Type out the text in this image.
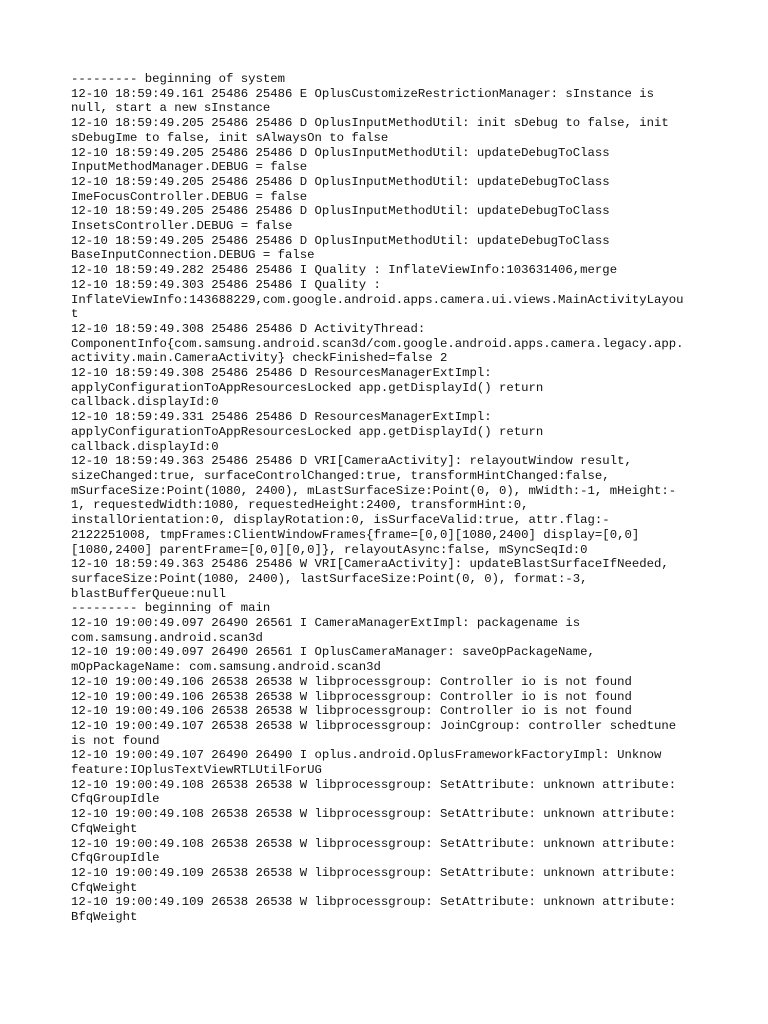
--------- beginning of system
12-10 18:59:49.161 25486 25486 E OplusCustomizeRestrictionManager: sInstance is
null, start a new sInstance
12-10 18:59:49.205 25486 25486 D OplusInputMethodUtil: init sDebug to false, init
sDebugIme to false, init sAlwaysOn to false
12-10 18:59:49.205 25486 25486 D OplusInputMethodUtil: updateDebugToClass
InputMethodManager.DEBUG = false
12-10 18:59:49.205 25486 25486 D OplusInputMethodUtil: updateDebugToClass
ImeFocusController.DEBUG = false
12-10 18:59:49.205 25486 25486 D OplusInputMethodUtil: updateDebugToClass
InsetsController.DEBUG = false
12-10 18:59:49.205 25486 25486 D OplusInputMethodUtil: updateDebugToClass
BaseInputConnection.DEBUG = false
12-10 18:59:49.282 25486 25486 I Quality : InflateViewInfo:103631406,merge
12-10 18:59:49.303 25486 25486 I Quality :
InflateViewInfo:143688229,com.google.android.apps.camera.ui.views.MainActivityLayou
t
12-10 18:59:49.308 25486 25486 D ActivityThread:
ComponentInfo{com.samsung.android.scan3d/com.google.android.apps.camera.legacy.app.
activity.main.CameraActivity} checkFinished=false 2
12-10 18:59:49.308 25486 25486 D ResourcesManagerExtImpl:
applyConfigurationToAppResourcesLocked app.getDisplayId() return
callback.displayId:0
12-10 18:59:49.331 25486 25486 D ResourcesManagerExtImpl:
applyConfigurationToAppResourcesLocked app.getDisplayId() return
callback.displayId:0
12-10 18:59:49.363 25486 25486 D VRI[CameraActivity]: relayoutWindow result,
sizeChanged:true, surfaceControlChanged:true, transformHintChanged:false,
mSurfaceSize:Point(1080, 2400), mLastSurfaceSize:Point(0, 0), mWidth:-1, mHeight:-
1, requestedWidth:1080, requestedHeight:2400, transformHint:0,
installOrientation:0, displayRotation:0, isSurfaceValid:true, attr.flag:-
2122251008, tmpFrames:ClientWindowFrames{frame=[0,0][1080,2400] display=[0,0]
[1080,2400] parentFrame=[0,0][0,0]}, relayoutAsync:false, mSyncSeqId:0
12-10 18:59:49.363 25486 25486 W VRI[CameraActivity]: updateBlastSurfaceIfNeeded,
surfaceSize:Point(1080, 2400), lastSurfaceSize:Point(0, 0), format:-3,
blastBufferQueue:null
--------- beginning of main
12-10 19:00:49.097 26490 26561 I CameraManagerExtImpl: packagename is
com.samsung.android.scan3d
12-10 19:00:49.097 26490 26561 I OplusCameraManager: saveOpPackageName,
mOpPackageName: com.samsung.android.scan3d
12-10 19:00:49.106 26538 26538 W libprocessgroup: Controller io is not found
12-10 19:00:49.106 26538 26538 W libprocessgroup: Controller io is not found
12-10 19:00:49.106 26538 26538 W libprocessgroup: Controller io is not found
12-10 19:00:49.107 26538 26538 W libprocessgroup: JoinCgroup: controller schedtune
is not found
12-10 19:00:49.107 26490 26490 I oplus.android.OplusFrameworkFactoryImpl: Unknow
feature:IOplusTextViewRTLUtilForUG
12-10 19:00:49.108 26538 26538 W libprocessgroup: SetAttribute: unknown attribute:
CfqGroupIdle
12-10 19:00:49.108 26538 26538 W libprocessgroup: SetAttribute: unknown attribute:
CfqWeight
12-10 19:00:49.108 26538 26538 W libprocessgroup: SetAttribute: unknown attribute:
CfqGroupIdle
12-10 19:00:49.109 26538 26538 W libprocessgroup: SetAttribute: unknown attribute:
CfqWeight
12-10 19:00:49.109 26538 26538 W libprocessgroup: SetAttribute: unknown attribute:
BfqWeight
